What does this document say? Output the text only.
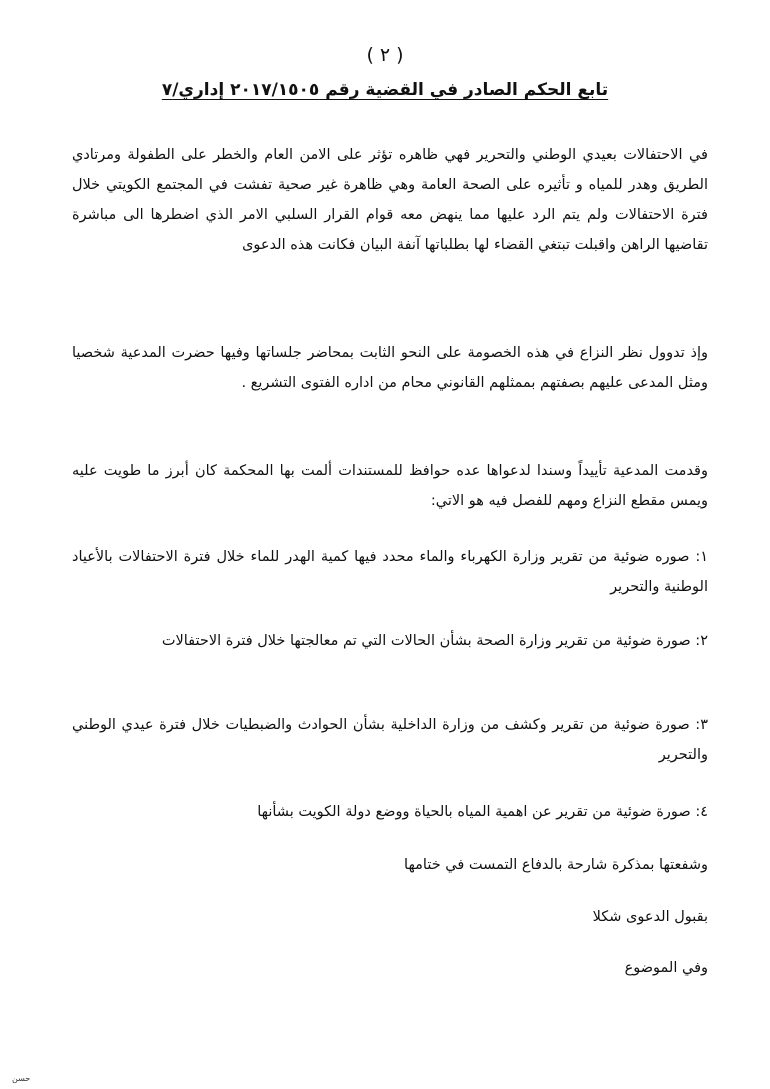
( ٢ )
تابع الحكم الصادر في القضية رقم ٢٠١٧/١٥٠٥ إداري/٧

في الاحتفالات بعيدي الوطني والتحرير فهي ظاهره تؤثر على الامن العام والخطر على الطفولة ومرتادي الطريق وهدر للمياه و تأثيره على الصحة العامة وهي ظاهرة غير صحية تفشت في المجتمع الكويتي خلال فترة الاحتفالات ولم يتم الرد عليها مما ينهض معه قوام القرار السلبي الامر الذي اضطرها الى مباشرة تقاضيها الراهن واقبلت تبتغي القضاء لها بطلباتها آنفة البيان فكانت هذه الدعوى

وإذ تدوول نظر النزاع في هذه الخصومة على النحو الثابت بمحاضر جلساتها وفيها حضرت المدعية شخصيا ومثل المدعى عليهم بصفتهم بممثلهم القانوني محام من اداره الفتوى التشريع .

وقدمت المدعية تأييداً وسندا لدعواها عده حوافظ للمستندات ألمت بها المحكمة كان أبرز ما طويت عليه ويمس مقطع النزاع ومهم للفصل فيه هو الاتي:

١: صوره ضوئية من تقرير وزارة الكهرباء والماء محدد فيها كمية الهدر للماء خلال فترة الاحتفالات بالأعياد الوطنية والتحرير

٢: صورة ضوئية من تقرير وزارة الصحة بشأن الحالات التي تم معالجتها خلال فترة الاحتفالات

٣: صورة ضوئية من تقرير وكشف من وزارة الداخلية بشأن الحوادث والضبطيات خلال فترة عيدي الوطني والتحرير

٤: صورة ضوئية من تقرير عن اهمية المياه بالحياة ووضع دولة الكويت بشأنها

وشفعتها بمذكرة شارحة بالدفاع التمست في ختامها

بقبول الدعوى شكلا

وفي الموضوع

حسن
